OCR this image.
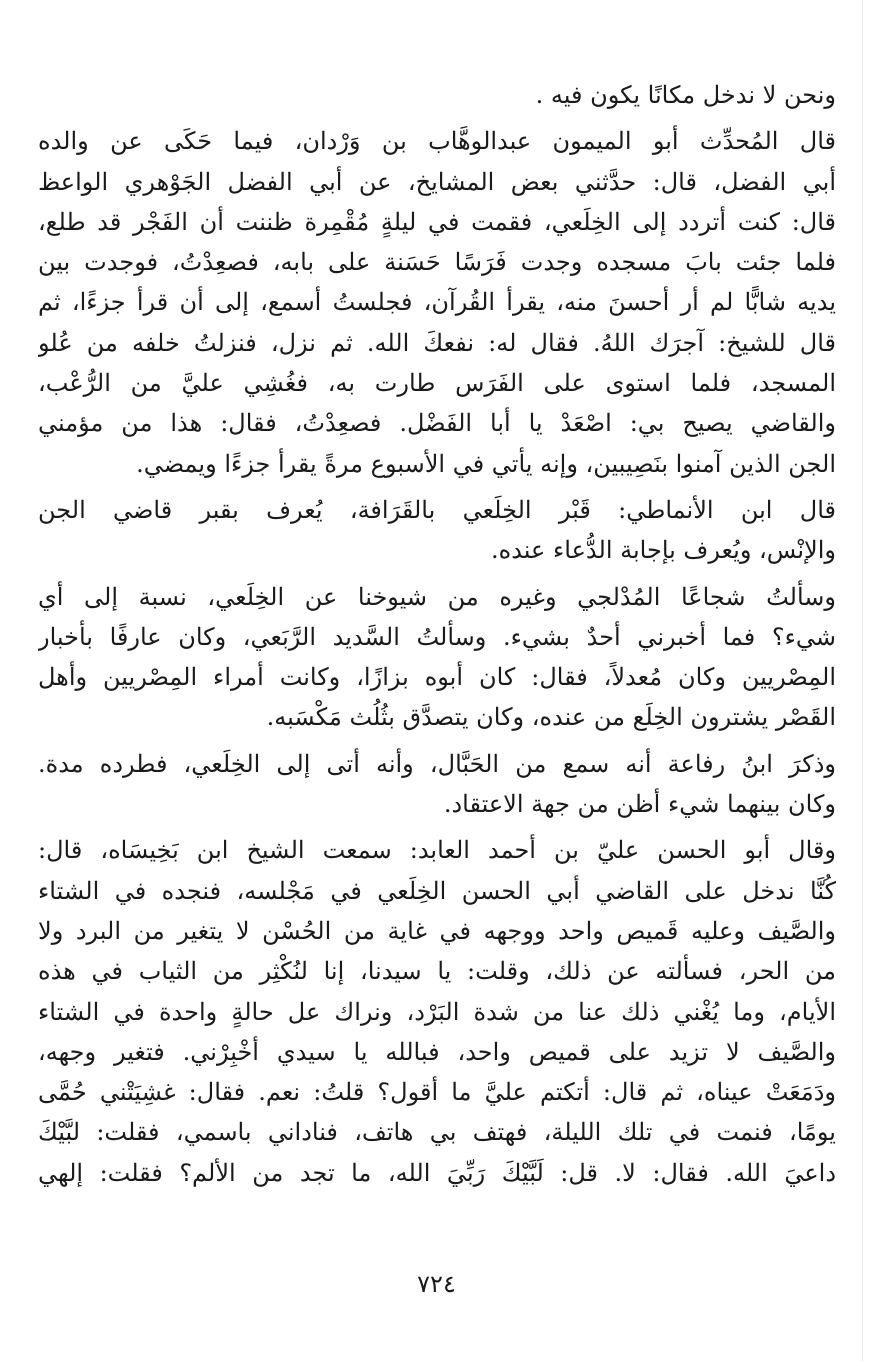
ونحن لا ندخل مكانًا يكون فيه .
قال المُحدِّث أبو الميمون عبدالوهَّاب بن وَرْدان، فيما حَكَى عن والده
أبي الفضل، قال: حدَّثني بعض المشايخ، عن أبي الفضل الجَوْهري الواعظ
قال: كنت أتردد إلى الخِلَعي، فقمت في ليلةٍ مُقْمِرة ظننت أن الفَجْر قد طلع،
فلما جئت بابَ مسجده وجدت فَرَسًا حَسَنة على بابه، فصعِدْتُ، فوجدت بين
يديه شابًّا لم أر أحسنَ منه، يقرأ القُرآن، فجلستُ أسمع، إلى أن قرأ جزءًا، ثم
قال للشيخ: آجرَك اللهُ. فقال له: نفعكَ الله. ثم نزل، فنزلتُ خلفه من عُلو
المسجد، فلما استوى على الفَرَس طارت به، فغُشِي عليَّ من الرُّعْب،
والقاضي يصيح بي: اصْعَدْ يا أبا الفَضْل. فصعِدْتُ، فقال: هذا من مؤمني
الجن الذين آمنوا بنَصِيبين، وإنه يأتي في الأسبوع مرةً يقرأ جزءًا ويمضي.
قال ابن الأنماطي: قَبْر الخِلَعي بالقَرَافة، يُعرف بقبر قاضي الجن
والإنْس، ويُعرف بإجابة الدُّعاء عنده.
وسألتُ شجاعًا المُدْلجي وغيره من شيوخنا عن الخِلَعي، نسبة إلى أي
شيء؟ فما أخبرني أحدٌ بشيء. وسألتُ السَّديد الرَّبَعي، وكان عارفًا بأخبار
المِصْريين وكان مُعدلاً، فقال: كان أبوه بزازًا، وكانت أمراء المِصْريين وأهل
القَصْر يشترون الخِلَع من عنده، وكان يتصدَّق بثُلُث مَكْسَبه.
وذكرَ ابنُ رفاعة أنه سمع من الحَبَّال، وأنه أتى إلى الخِلَعي، فطرده مدة.
وكان بينهما شيء أظن من جهة الاعتقاد.
وقال أبو الحسن عليّ بن أحمد العابد: سمعت الشيخ ابن بَخِيسَاه، قال:
كُنَّا ندخل على القاضي أبي الحسن الخِلَعي في مَجْلسه، فنجده في الشتاء
والصَّيف وعليه قَميص واحد ووجهه في غاية من الحُسْن لا يتغير من البرد ولا
من الحر، فسألته عن ذلك، وقلت: يا سيدنا، إنا لنُكْثِر من الثياب في هذه
الأيام، وما يُغْني ذلك عنا من شدة البَرْد، ونراك عل حالةٍ واحدة في الشتاء
والصَّيف لا تزيد على قميص واحد، فبالله يا سيدي أخْبِرْني. فتغير وجهه،
ودَمَعَتْ عيناه، ثم قال: أتكتم عليَّ ما أقول؟ قلتُ: نعم. فقال: غشِيَتْني حُمَّى
يومًا، فنمت في تلك الليلة، فهتف بي هاتف، فناداني باسمي، فقلت: لبَّيْكَ
داعيَ الله. فقال: لا. قل: لَبَّيْكَ رَبِّيَ الله، ما تجد من الألم؟ فقلت: إلهي
٧٢٤
